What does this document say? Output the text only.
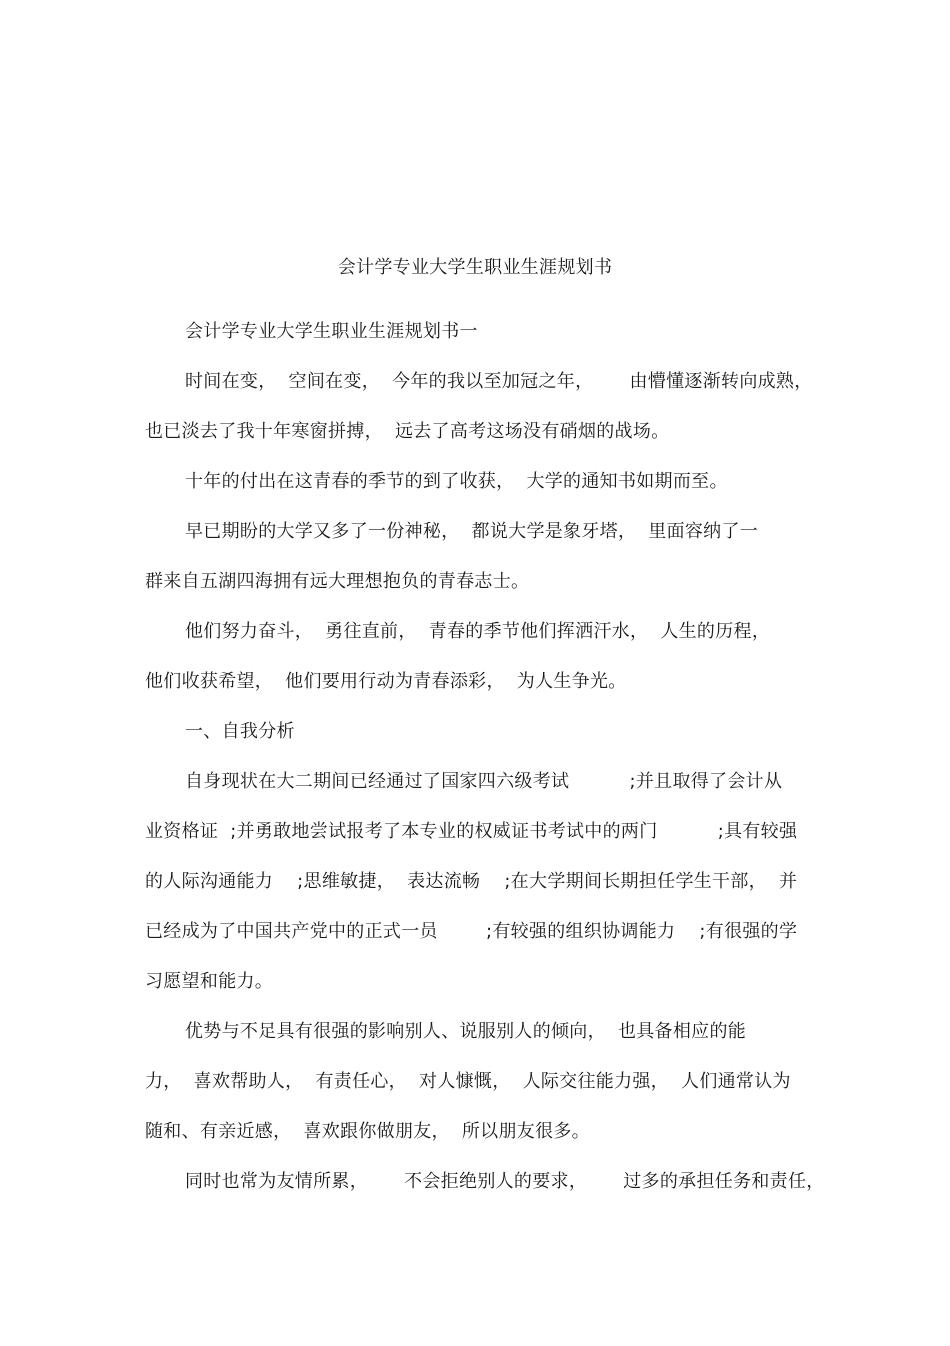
会计学专业大学生职业生涯规划书
会计学专业大学生职业生涯规划书一
时间在变，  空间在变，  今年的我以至加冠之年，      由懵懂逐渐转向成熟，
也已淡去了我十年寒窗拼搏，  远去了高考这场没有硝烟的战场。
十年的付出在这青春的季节的到了收获，  大学的通知书如期而至。
早已期盼的大学又多了一份神秘，  都说大学是象牙塔，  里面容纳了一
群来自五湖四海拥有远大理想抱负的青春志士。
他们努力奋斗，  勇往直前，  青春的季节他们挥洒汗水，  人生的历程，
他们收获希望，  他们要用行动为青春添彩，  为人生争光。
一、自我分析
自身现状在大二期间已经通过了国家四六级考试          ;并且取得了会计从
业资格证  ;并勇敢地尝试报考了本专业的权威证书考试中的两门          ;具有较强
的人际沟通能力    ;思维敏捷，  表达流畅    ;在大学期间长期担任学生干部，  并
已经成为了中国共产党中的正式一员        ;有较强的组织协调能力    ;有很强的学
习愿望和能力。
优势与不足具有很强的影响别人、说服别人的倾向，  也具备相应的能
力，  喜欢帮助人，  有责任心，  对人慷慨，  人际交往能力强，  人们通常认为
随和、有亲近感，  喜欢跟你做朋友，  所以朋友很多。
同时也常为友情所累，      不会拒绝别人的要求，      过多的承担任务和责任，
